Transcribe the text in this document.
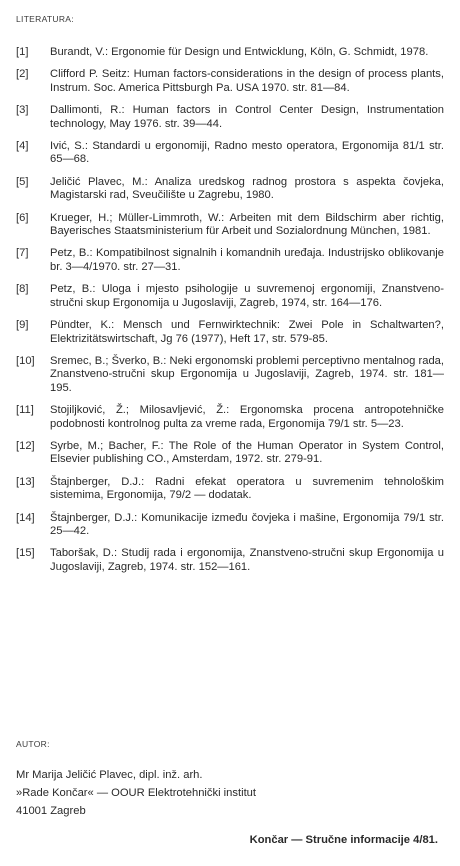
LITERATURA:
[1]	Burandt, V.: Ergonomie für Design und Entwicklung, Köln, G. Schmidt, 1978.
[2]	Clifford P. Seitz: Human factors-considerations in the design of process plants, Instrum. Soc. America Pittsburgh Pa. USA 1970. str. 81—84.
[3]	Dallimonti, R.: Human factors in Control Center Design, Instrumentation technology, May 1976. str. 39—44.
[4]	Ivić, S.: Standardi u ergonomiji, Radno mesto operatora, Ergonomija 81/1 str. 65—68.
[5]	Jeličić Plavec, M.: Analiza uredskog radnog prostora s aspekta čovjeka, Magistarski rad, Sveučilište u Zagrebu, 1980.
[6]	Krueger, H.; Müller-Limmroth, W.: Arbeiten mit dem Bildschirm aber richtig, Bayerisches Staatsministerium für Arbeit und Sozialordnung München, 1981.
[7]	Petz, B.: Kompatibilnost signalnih i komandnih uređaja. Industrijsko oblikovanje br. 3—4/1970. str. 27—31.
[8]	Petz, B.: Uloga i mjesto psihologije u suvremenoj ergonomiji, Znanstveno-stručni skup Ergonomija u Jugoslaviji, Zagreb, 1974, str. 164—176.
[9]	Pündter, K.: Mensch und Fernwirktechnik: Zwei Pole in Schaltwarten?, Elektrizitätswirtschaft, Jg 76 (1977), Heft 17, str. 579-85.
[10]	Sremec, B.; Šverko, B.: Neki ergonomski problemi perceptivno mentalnog rada, Znanstveno-stručni skup Ergonomija u Jugoslaviji, Zagreb, 1974. str. 181—195.
[11]	Stojiljković, Ž.; Milosavljević, Ž.: Ergonomska procena antropotehničke podobnosti kontrolnog pulta za vreme rada, Ergonomija 79/1 str. 5—23.
[12]	Syrbe, M.; Bacher, F.: The Role of the Human Operator in System Control, Elsevier publishing CO., Amsterdam, 1972. str. 279-91.
[13]	Štajnberger, D.J.: Radni efekat operatora u suvremenim tehnološkim sistemima, Ergonomija, 79/2 — dodatak.
[14]	Štajnberger, D.J.: Komunikacije između čovjeka i mašine, Ergonomija 79/1 str. 25—42.
[15]	Taboršak, D.: Studij rada i ergonomija, Znanstveno-stručni skup Ergonomija u Jugoslaviji, Zagreb, 1974. str. 152—161.
AUTOR:
Mr Marija Jeličić Plavec, dipl. inž. arh.
»Rade Končar« — OOUR Elektrotehnički institut
41001 Zagreb
Končar — Stručne informacije 4/81.
